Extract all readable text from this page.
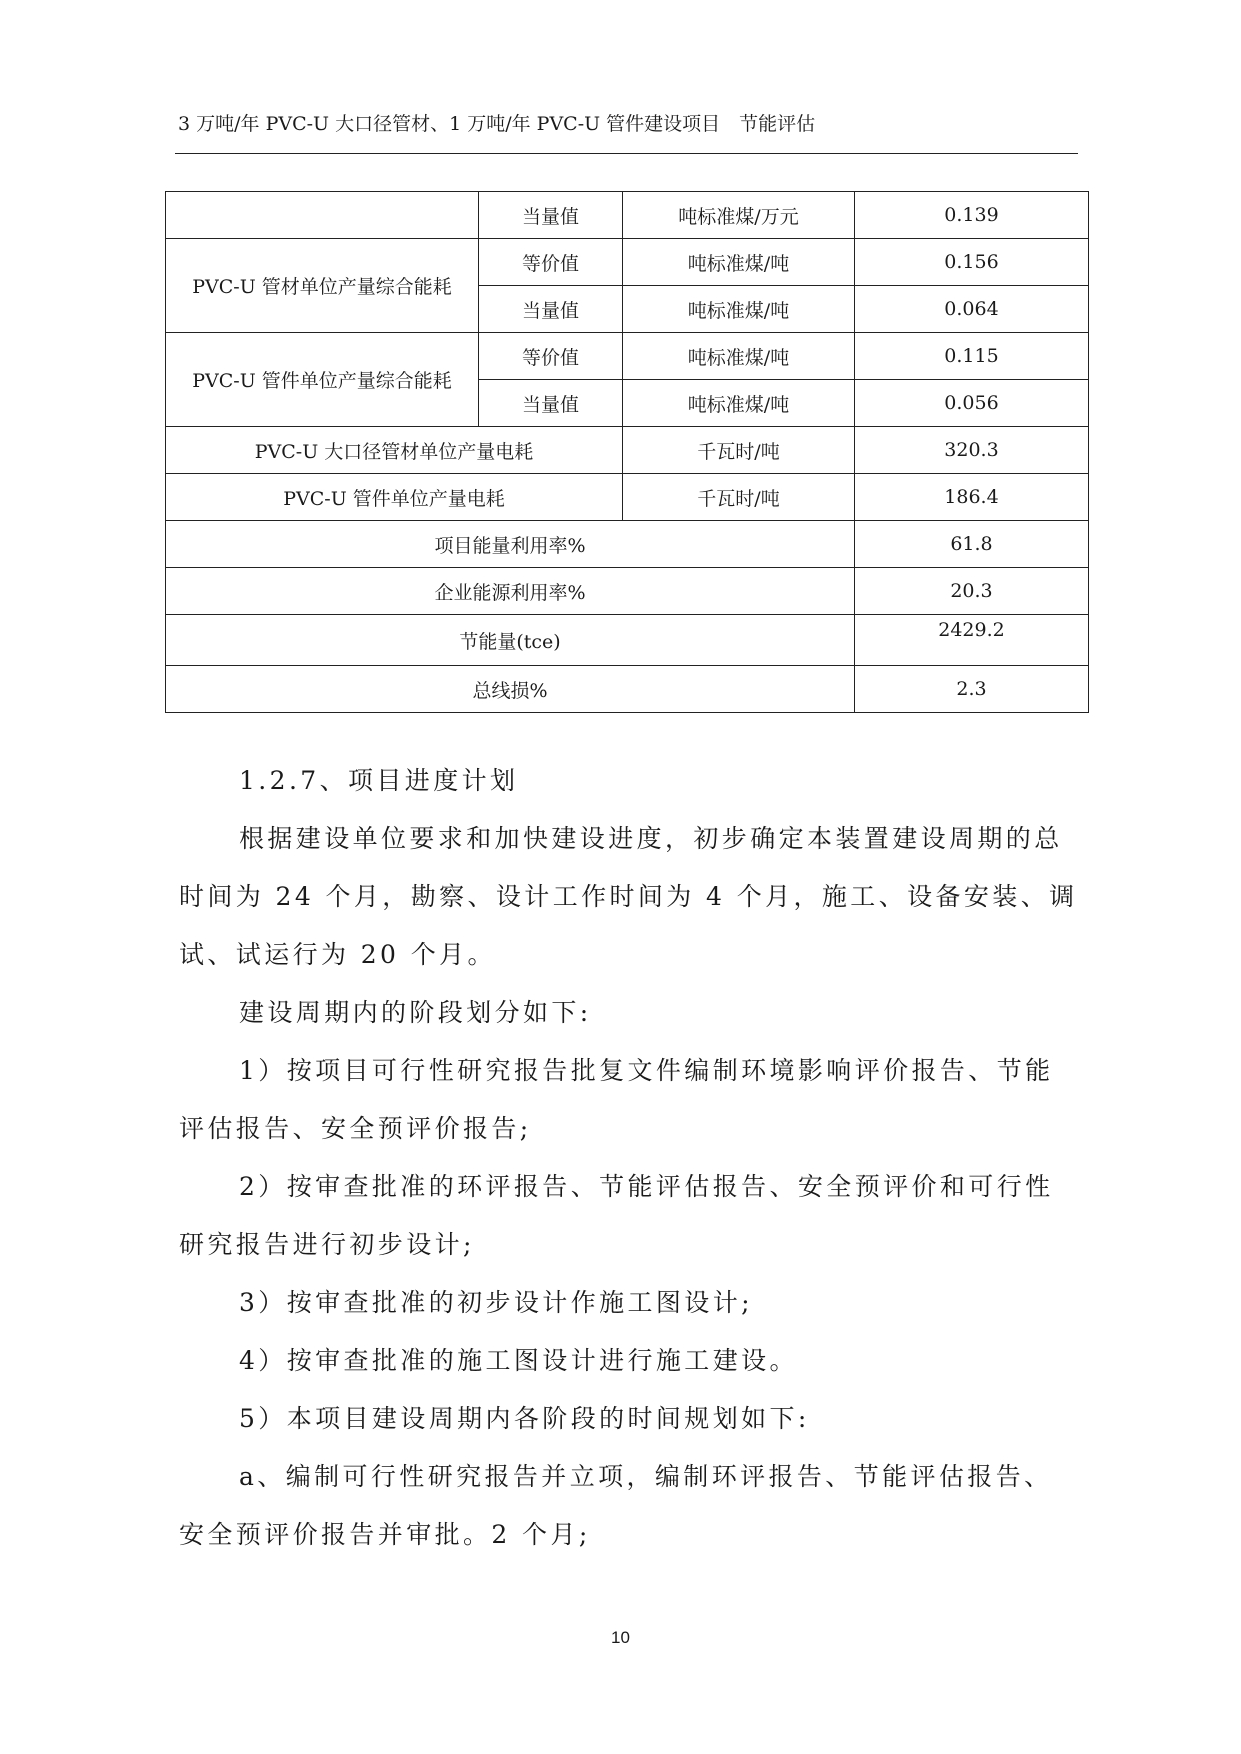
3 万吨/年 PVC-U 大口径管材、1 万吨/年 PVC-U 管件建设项目　节能评估
	当量值	吨标准煤/万元	0.139
PVC-U 管材单位产量综合能耗	等价值	吨标准煤/吨	0.156
	当量值	吨标准煤/吨	0.064
PVC-U 管件单位产量综合能耗	等价值	吨标准煤/吨	0.115
	当量值	吨标准煤/吨	0.056
PVC-U 大口径管材单位产量电耗		千瓦时/吨	320.3
PVC-U 管件单位产量电耗		千瓦时/吨	186.4
项目能量利用率%			61.8
企业能源利用率%			20.3
节能量(tce)			2429.2
总线损%			2.3

1.2.7、项目进度计划

根据建设单位要求和加快建设进度，初步确定本装置建设周期的总时间为 24 个月，勘察、设计工作时间为 4 个月，施工、设备安装、调试、试运行为 20 个月。

建设周期内的阶段划分如下:

1）按项目可行性研究报告批复文件编制环境影响评价报告、节能评估报告、安全预评价报告;

2）按审查批准的环评报告、节能评估报告、安全预评价和可行性研究报告进行初步设计;

3）按审查批准的初步设计作施工图设计;

4）按审查批准的施工图设计进行施工建设。

5）本项目建设周期内各阶段的时间规划如下:

a、编制可行性研究报告并立项，编制环评报告、节能评估报告、安全预评价报告并审批。2 个月;

10
